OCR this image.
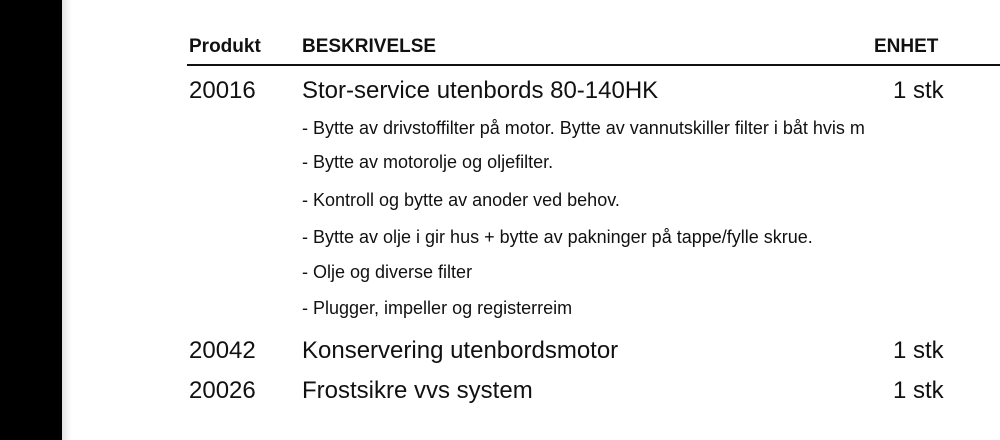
Produkt BESKRIVELSE	ENHET
20016 Stor-service utenbords 80-140HK	1 stk
- Bytte av drivstoffilter på motor. Bytte av vannutskiller filter i båt hvis m
- Bytte av motorolje og oljefilter.
- Kontroll og bytte av anoder ved behov.
- Bytte av olje i gir hus + bytte av pakninger på tappe/fylle skrue.
- Olje og diverse filter
- Plugger, impeller og registerreim
20042 Konservering utenbordsmotor	1 stk
20026 Frostsikre vvs system	1 stk
